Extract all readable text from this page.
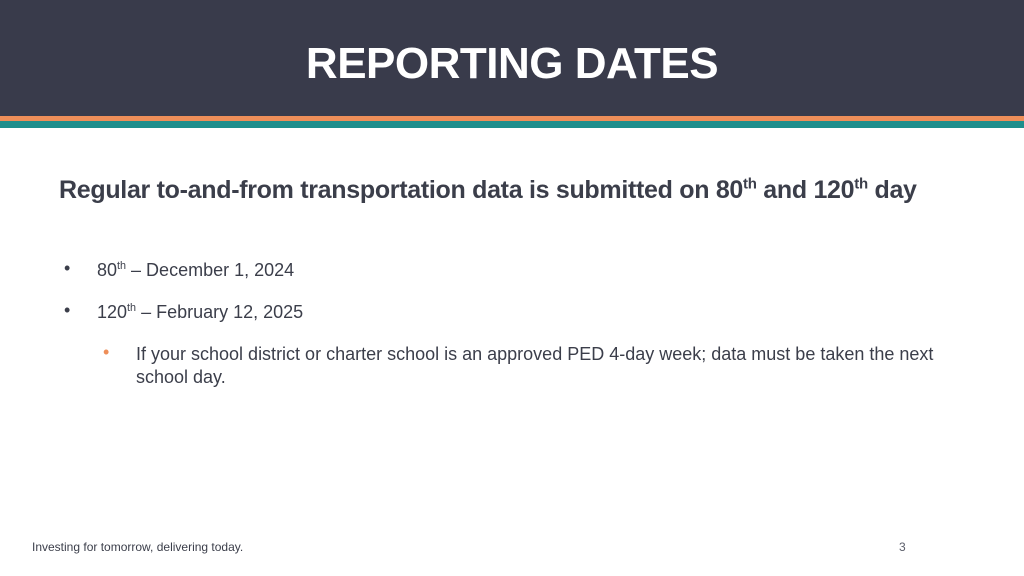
REPORTING DATES
Regular to-and-from transportation data is submitted on 80th and 120th day
• 80th – December 1, 2024
• 120th – February 12, 2025
• If your school district or charter school is an approved PED 4-day week; data must be taken the next school day.
Investing for tomorrow, delivering today.	3
